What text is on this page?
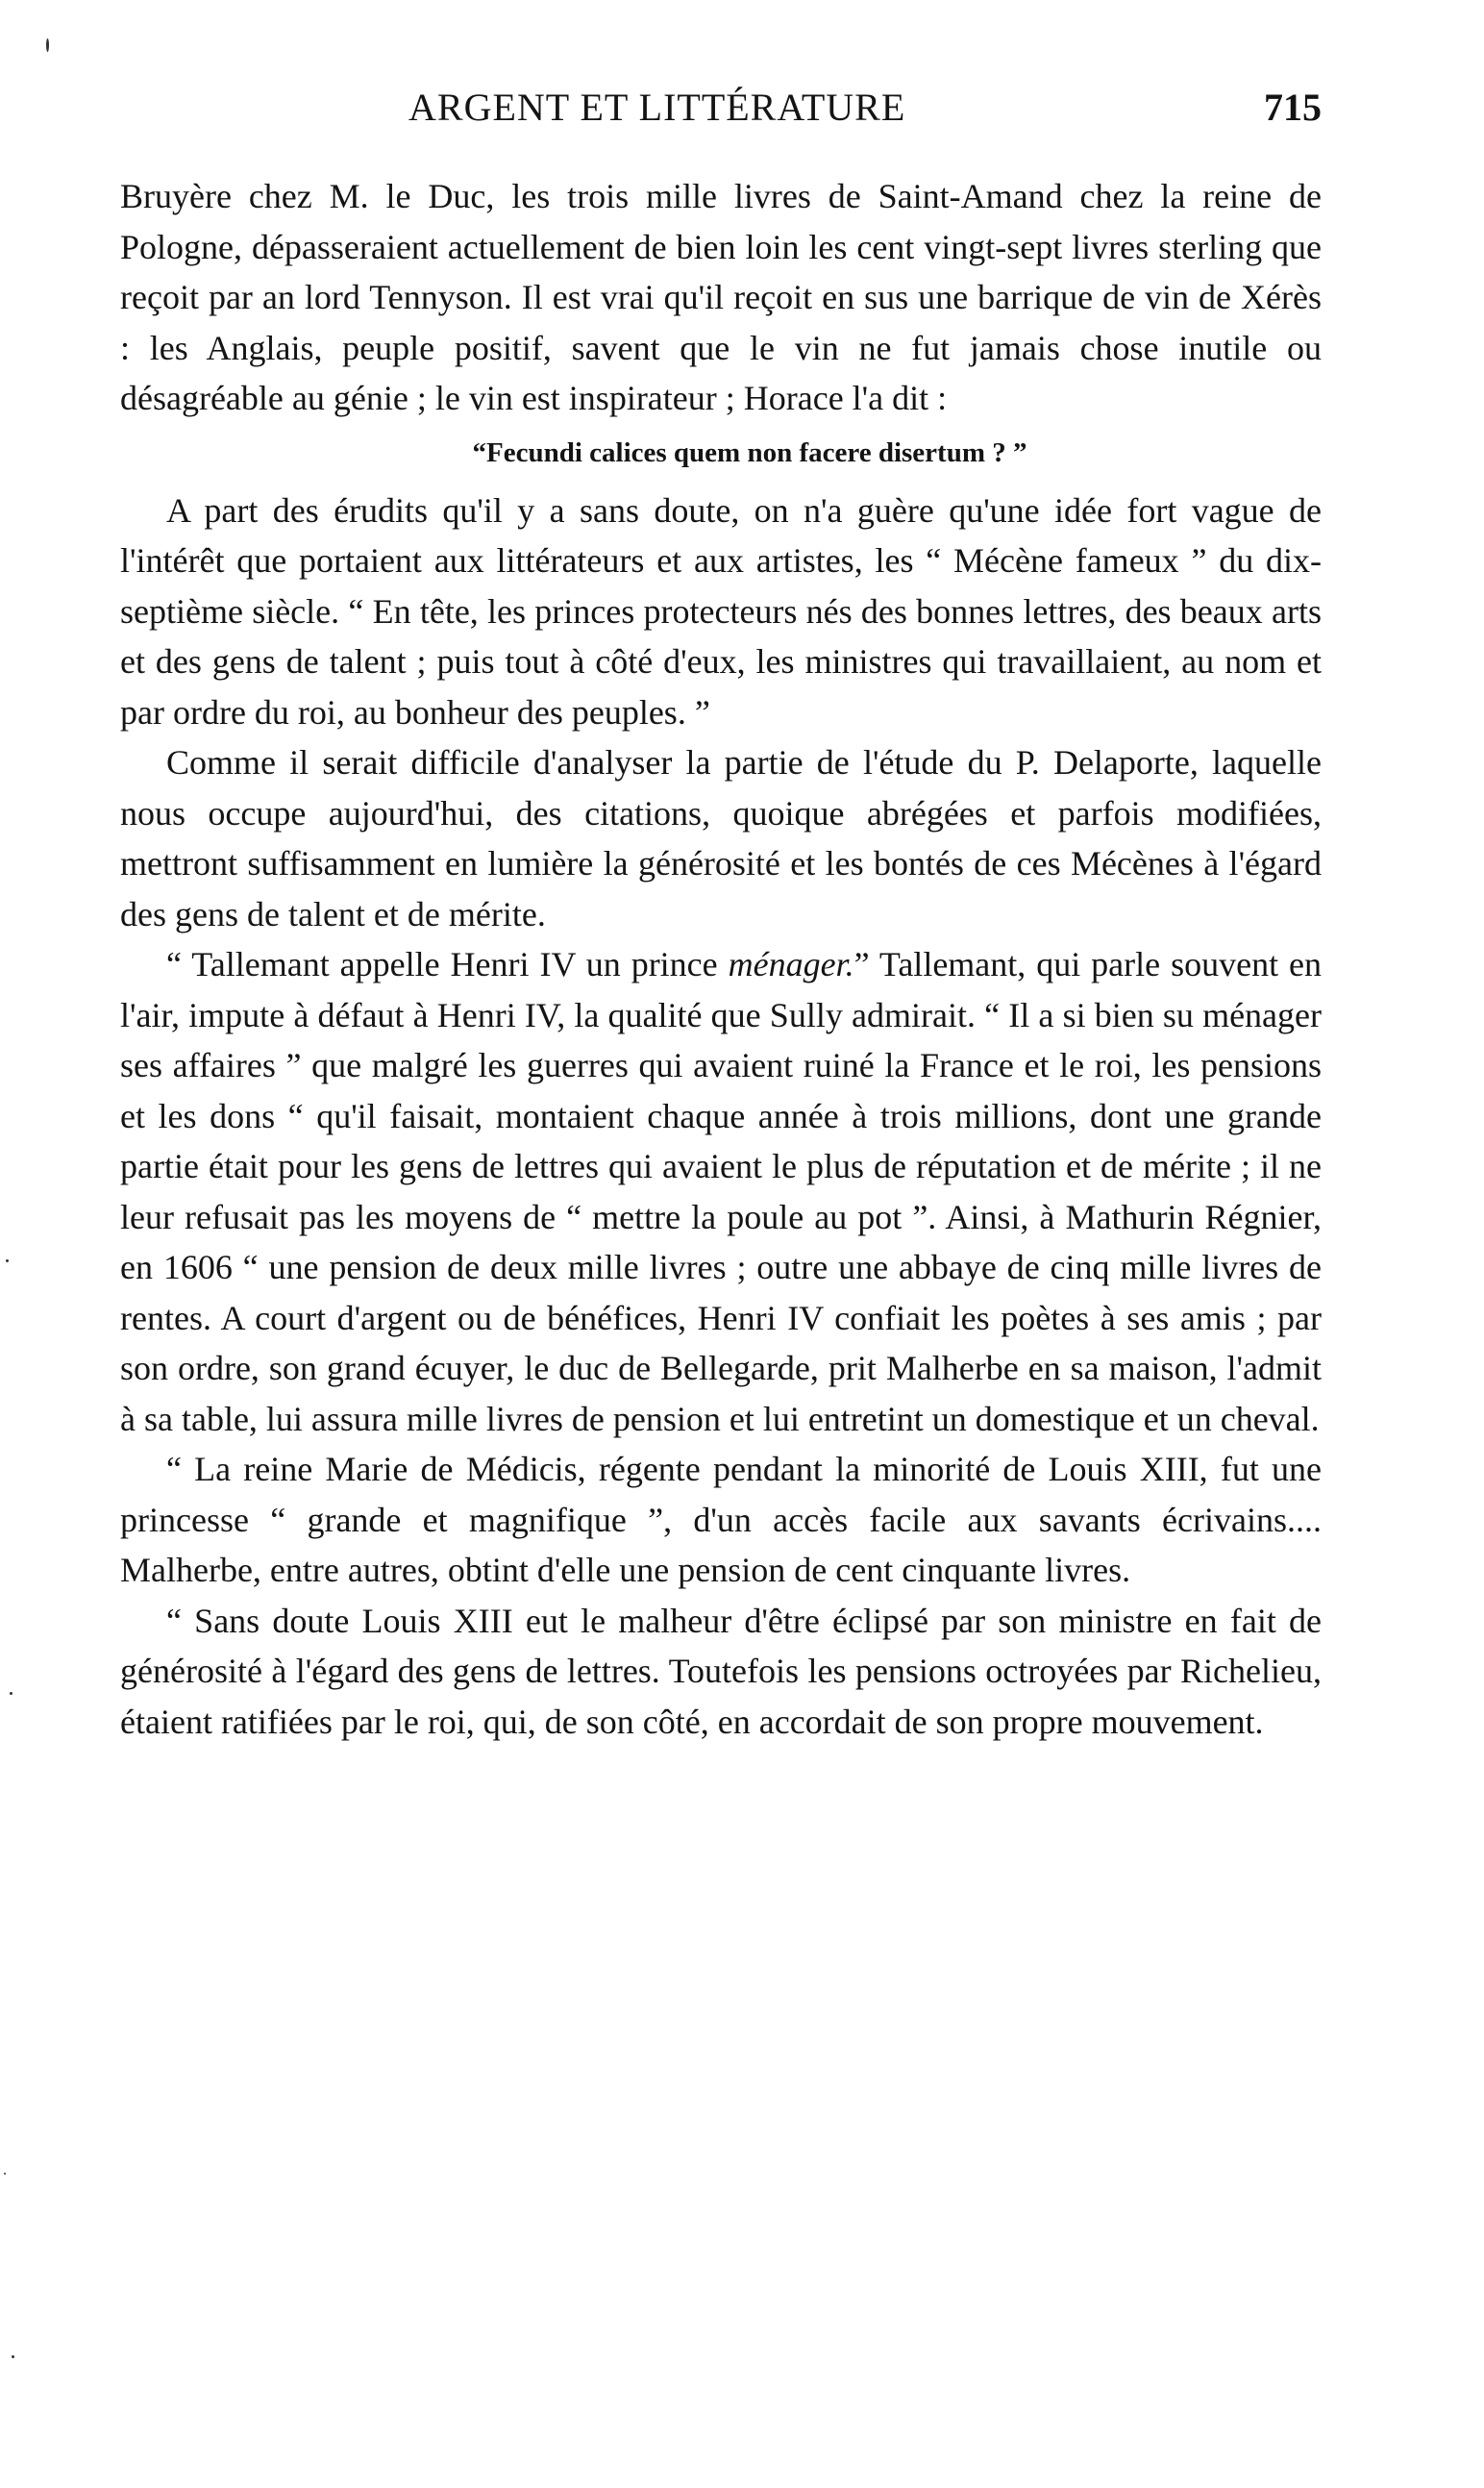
ARGENT ET LITTÉRATURE	715

Bruyère chez M. le Duc, les trois mille livres de Saint-Amand chez la reine de Pologne, dépasseraient actuellement de bien loin les cent vingt-sept livres sterling que reçoit par an lord Tennyson. Il est vrai qu'il reçoit en sus une barrique de vin de Xérès : les Anglais, peuple positif, savent que le vin ne fut jamais chose inutile ou désagréable au génie ; le vin est inspirateur ; Horace l'a dit :

“Fecundi calices quem non facere disertum ? ”

A part des érudits qu'il y a sans doute, on n'a guère qu'une idée fort vague de l'intérêt que portaient aux littérateurs et aux artistes, les “ Mécène fameux ” du dix-septième siècle. “ En tête, les princes protecteurs nés des bonnes lettres, des beaux arts et des gens de talent ; puis tout à côté d'eux, les ministres qui travaillaient, au nom et par ordre du roi, au bonheur des peuples. ”

Comme il serait difficile d'analyser la partie de l'étude du P. Delaporte, laquelle nous occupe aujourd'hui, des citations, quoique abrégées et parfois modifiées, mettront suffisamment en lumière la générosité et les bontés de ces Mécènes à l'égard des gens de talent et de mérite.

“ Tallemant appelle Henri IV un prince ménager.” Tallemant, qui parle souvent en l'air, impute à défaut à Henri IV, la qualité que Sully admirait. “ Il a si bien su ménager ses affaires ” que malgré les guerres qui avaient ruiné la France et le roi, les pensions et les dons “ qu'il faisait, montaient chaque année à trois millions, dont une grande partie était pour les gens de lettres qui avaient le plus de réputation et de mérite ; il ne leur refusait pas les moyens de “ mettre la poule au pot ”. Ainsi, à Mathurin Régnier, en 1606 “ une pension de deux mille livres ; outre une abbaye de cinq mille livres de rentes. A court d'argent ou de bénéfices, Henri IV confiait les poètes à ses amis ; par son ordre, son grand écuyer, le duc de Bellegarde, prit Malherbe en sa maison, l'admit à sa table, lui assura mille livres de pension et lui entretint un domestique et un cheval.

“ La reine Marie de Médicis, régente pendant la minorité de Louis XIII, fut une princesse “ grande et magnifique ”, d'un accès facile aux savants écrivains.... Malherbe, entre autres, obtint d'elle une pension de cent cinquante livres.

“ Sans doute Louis XIII eut le malheur d'être éclipsé par son ministre en fait de générosité à l'égard des gens de lettres. Toutefois les pensions octroyées par Richelieu, étaient ratifiées par le roi, qui, de son côté, en accordait de son propre mouvement.
